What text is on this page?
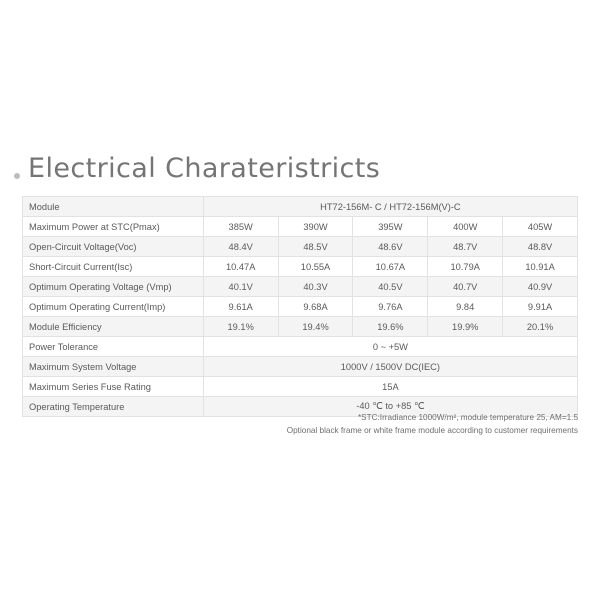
Electrical Charateristricts
Module	HT72-156M- C / HT72-156M(V)-C				
Maximum Power at STC(Pmax)	385W	390W	395W	400W	405W
Open-Circuit Voltage(Voc)	48.4V	48.5V	48.6V	48.7V	48.8V
Short-Circuit Current(Isc)	10.47A	10.55A	10.67A	10.79A	10.91A
Optimum Operating Voltage (Vmp)	40.1V	40.3V	40.5V	40.7V	40.9V
Optimum Operating Current(Imp)	9.61A	9.68A	9.76A	9.84	9.91A
Module Efficiency	19.1%	19.4%	19.6%	19.9%	20.1%
Power Tolerance	0 ~ +5W				
Maximum System Voltage	1000V / 1500V DC(IEC)				
Maximum Series Fuse Rating	15A				
Operating Temperature	-40 ℃ to +85 ℃				
*STC:Irradiance 1000W/m², module temperature 25, AM=1.5
Optional black frame or white frame module according to customer requirements
